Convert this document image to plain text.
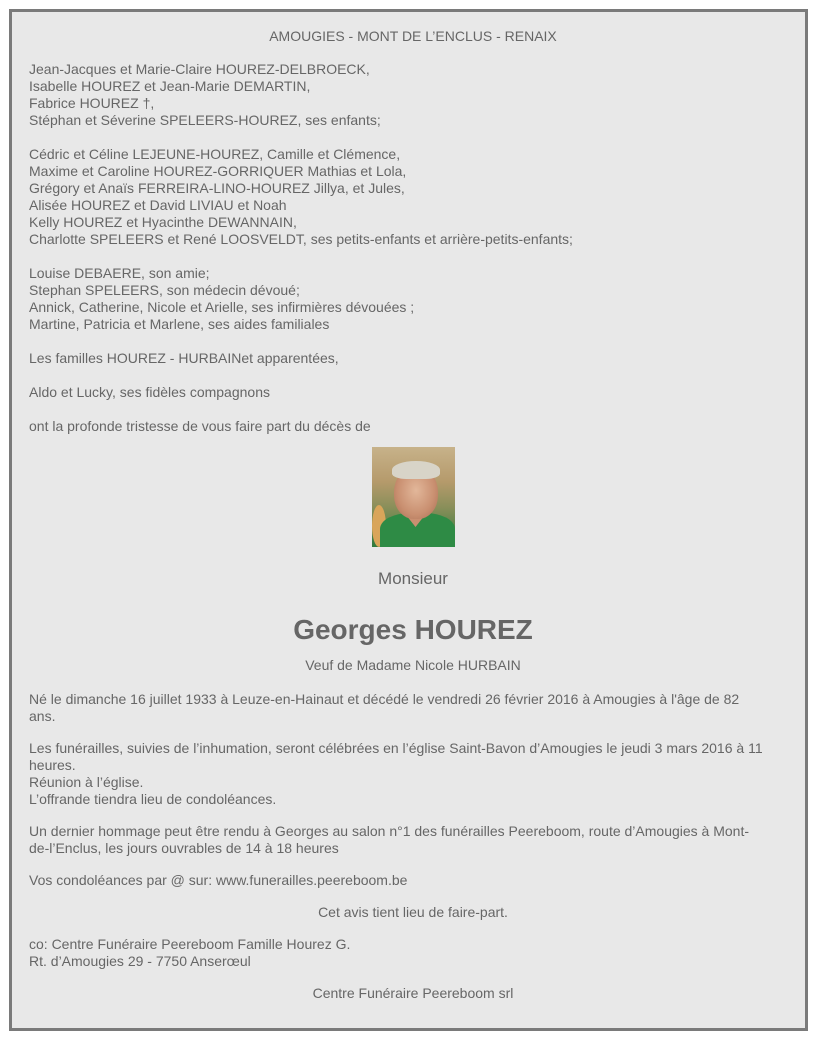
AMOUGIES - MONT DE L’ENCLUS - RENAIX
Jean-Jacques et Marie-Claire HOUREZ-DELBROECK,
Isabelle HOUREZ et Jean-Marie DEMARTIN,
Fabrice HOUREZ †,
Stéphan et Séverine SPELEERS-HOUREZ, ses enfants;
Cédric et Céline LEJEUNE-HOUREZ, Camille et Clémence,
Maxime et Caroline HOUREZ-GORRIQUER Mathias et Lola,
Grégory et Anaïs FERREIRA-LINO-HOUREZ Jillya, et Jules,
Alisée HOUREZ et David LIVIAU et Noah
Kelly HOUREZ et Hyacinthe DEWANNAIN,
Charlotte SPELEERS et René LOOSVELDT, ses petits-enfants et arrière-petits-enfants;
Louise DEBAERE, son amie;
Stephan SPELEERS, son médecin dévoué;
Annick, Catherine, Nicole et Arielle, ses infirmières dévouées ;
Martine, Patricia et Marlene, ses aides familiales
Les familles HOUREZ - HURBAINet apparentées,
Aldo et Lucky, ses fidèles compagnons
ont la profonde tristesse de vous faire part du décès de
Monsieur
Georges HOUREZ
Veuf de Madame Nicole HURBAIN
Né le dimanche 16 juillet 1933 à Leuze-en-Hainaut et décédé le vendredi 26 février 2016 à Amougies à l'âge de 82
ans.
Les funérailles, suivies de l’inhumation, seront célébrées en l’église Saint-Bavon d’Amougies le jeudi 3 mars 2016 à 11
heures.
Réunion à l’église.
L’offrande tiendra lieu de condoléances.
Un dernier hommage peut être rendu à Georges au salon n°1 des funérailles Peereboom, route d’Amougies à Mont-
de-l’Enclus, les jours ouvrables de 14 à 18 heures
Vos condoléances par @ sur: www.funerailles.peereboom.be
Cet avis tient lieu de faire-part.
co: Centre Funéraire Peereboom Famille Hourez G.
Rt. d’Amougies 29 - 7750 Anserœul
Centre Funéraire Peereboom srl
